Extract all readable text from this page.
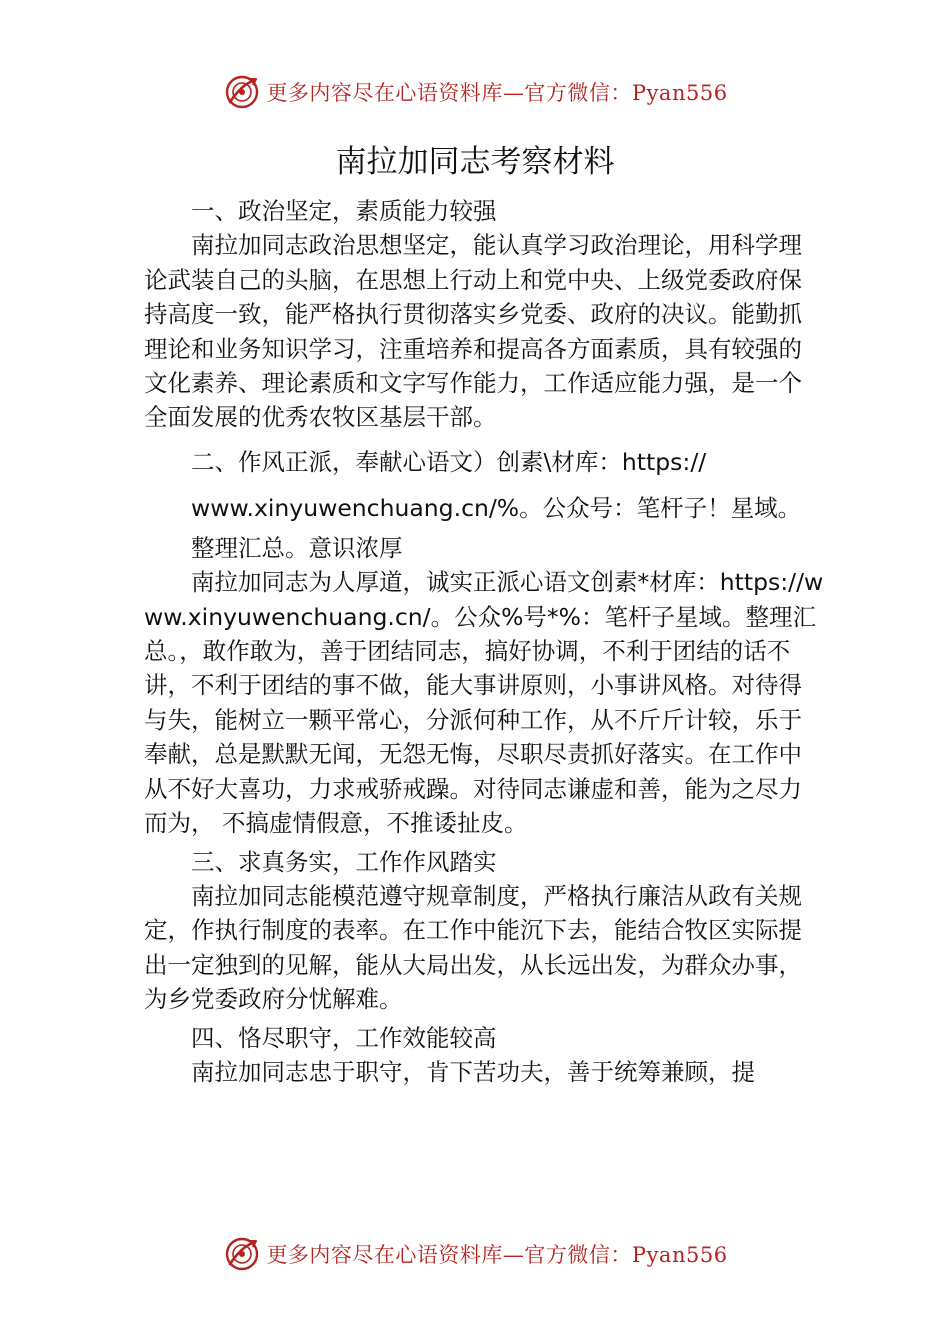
更多内容尽在心语资料库—官方微信：Pyan556
南拉加同志考察材料

一、政治坚定，素质能力较强

南拉加同志政治思想坚定，能认真学习政治理论，用科学理论武装自己的头脑，在思想上行动上和党中央、上级党委政府保持高度一致，能严格执行贯彻落实乡党委、政府的决议。能勤抓理论和业务知识学习，注重培养和提高各方面素质，具有较强的文化素养、理论素质和文字写作能力，工作适应能力强，是一个全面发展的优秀农牧区基层干部。

二、作风正派，奉献心语文）创素\材库：https://

www.xinyuwenchuang.cn/%。公众号：笔杆子！星域。

整理汇总。意识浓厚

南拉加同志为人厚道，诚实正派心语文创素*材库：https://www.xinyuwenchuang.cn/。公众%号*%：笔杆子星域。整理汇总。，敢作敢为，善于团结同志，搞好协调，不利于团结的话不讲，不利于团结的事不做，能大事讲原则，小事讲风格。对待得与失，能树立一颗平常心，分派何种工作，从不斤斤计较，乐于奉献，总是默默无闻，无怨无悔，尽职尽责抓好落实。在工作中从不好大喜功，力求戒骄戒躁。对待同志谦虚和善，能为之尽力而为， 不搞虚情假意，不推诿扯皮。

三、求真务实，工作作风踏实

南拉加同志能模范遵守规章制度，严格执行廉洁从政有关规定，作执行制度的表率。在工作中能沉下去，能结合牧区实际提出一定独到的见解，能从大局出发，从长远出发，为群众办事，为乡党委政府分忧解难。

四、恪尽职守，工作效能较高

南拉加同志忠于职守，肯下苦功夫，善于统筹兼顾，提

更多内容尽在心语资料库—官方微信：Pyan556
